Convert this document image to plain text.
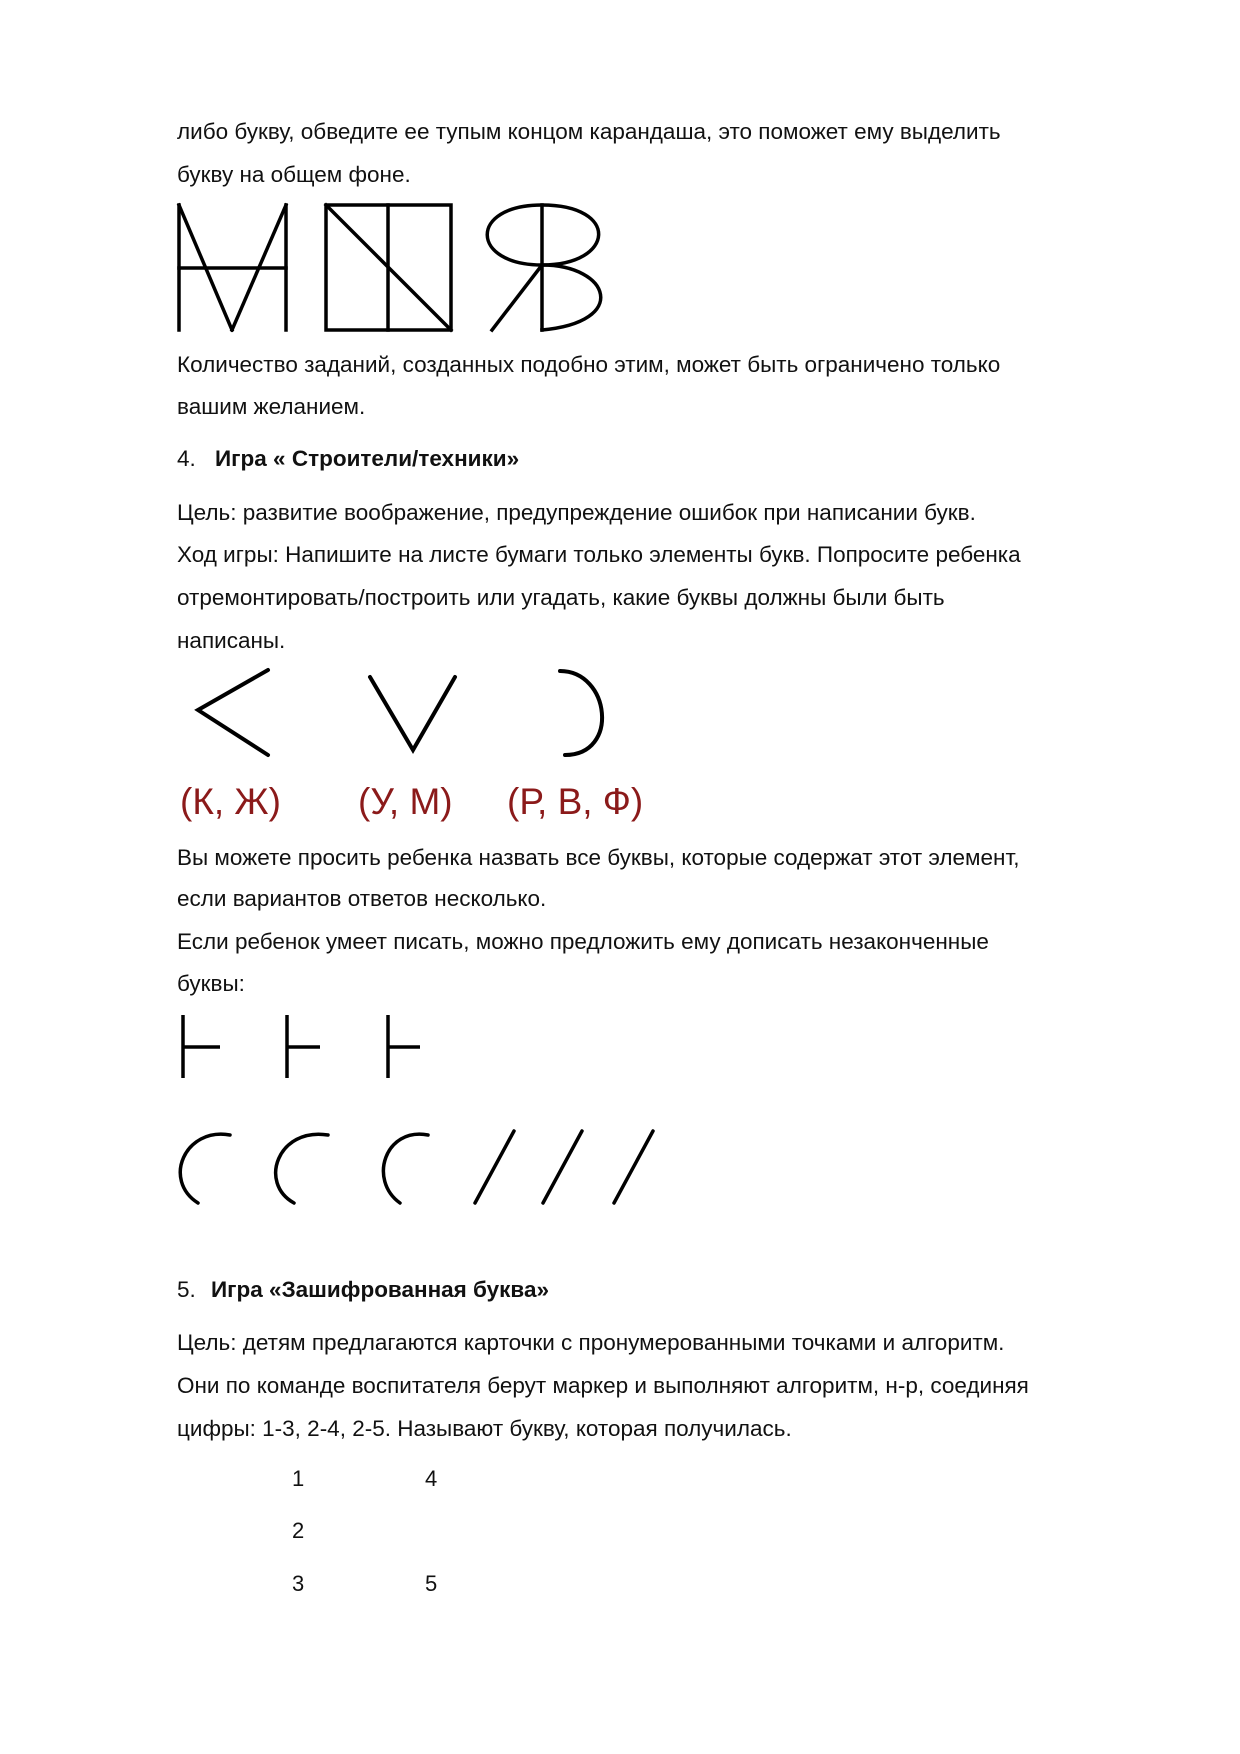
либо букву, обведите ее тупым концом карандаша, это поможет ему выделить
букву на общем фоне.
Количество заданий, созданных подобно этим, может быть ограничено только
вашим желанием.
4. Игра « Строители/техники»
Цель: развитие воображение, предупреждение ошибок при написании букв.
Ход игры: Напишите на листе бумаги только элементы букв. Попросите ребенка
отремонтировать/построить или угадать, какие буквы должны были быть
написаны.
(К, Ж) (У, М) (Р, В, Ф)
Вы можете просить ребенка назвать все буквы, которые содержат этот элемент,
если вариантов ответов несколько.
Если ребенок умеет писать, можно предложить ему дописать незаконченные
буквы:
5. Игра «Зашифрованная буква»
Цель: детям предлагаются карточки с пронумерованными точками и алгоритм.
Они по команде воспитателя берут маркер и выполняют алгоритм, н-р, соединяя
цифры: 1-3, 2-4, 2-5. Называют букву, которая получилась.
1	4
2
3	5
